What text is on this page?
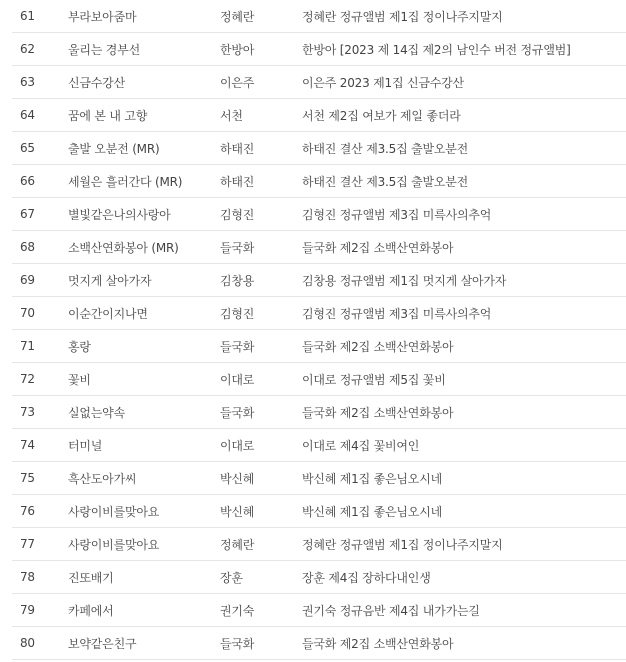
61	부라보아줌마	정혜란	정혜란 정규앨범 제1집 정이나주지말지
62	울리는 경부선	한방아	한방아 [2023 제 14집 제2의 남인수 버전 정규앨범]
63	신금수강산	이은주	이은주 2023 제1집 신금수강산
64	꿈에 본 내 고향	서천	서천 제2집 여보가 제일 좋더라
65	출발 오분전 (MR)	하태진	하태진 결산 제3.5집 출발오분전
66	세월은 흘러간다 (MR)	하태진	하태진 결산 제3.5집 출발오분전
67	별빛같은나의사랑아	김형진	김형진 정규앨범 제3집 미륵사의추억
68	소백산연화봉아 (MR)	들국화	들국화 제2집 소백산연화봉아
69	멋지게 살아가자	김창용	김창용 정규앨범 제1집 멋지게 살아가자
70	이순간이지나면	김형진	김형진 정규앨범 제3집 미륵사의추억
71	홍랑	들국화	들국화 제2집 소백산연화봉아
72	꽃비	이대로	이대로 정규앨범 제5집 꽃비
73	실없는약속	들국화	들국화 제2집 소백산연화봉아
74	터미널	이대로	이대로 제4집 꽃비여인
75	흑산도아가씨	박신혜	박신혜 제1집 좋은님오시네
76	사랑이비를맞아요	박신혜	박신혜 제1집 좋은님오시네
77	사랑이비를맞아요	정혜란	정혜란 정규앨범 제1집 정이나주지말지
78	진또배기	장훈	장훈 제4집 장하다내인생
79	카페에서	권기숙	권기숙 정규음반 제4집 내가가는길
80	보약같은친구	들국화	들국화 제2집 소백산연화봉아
